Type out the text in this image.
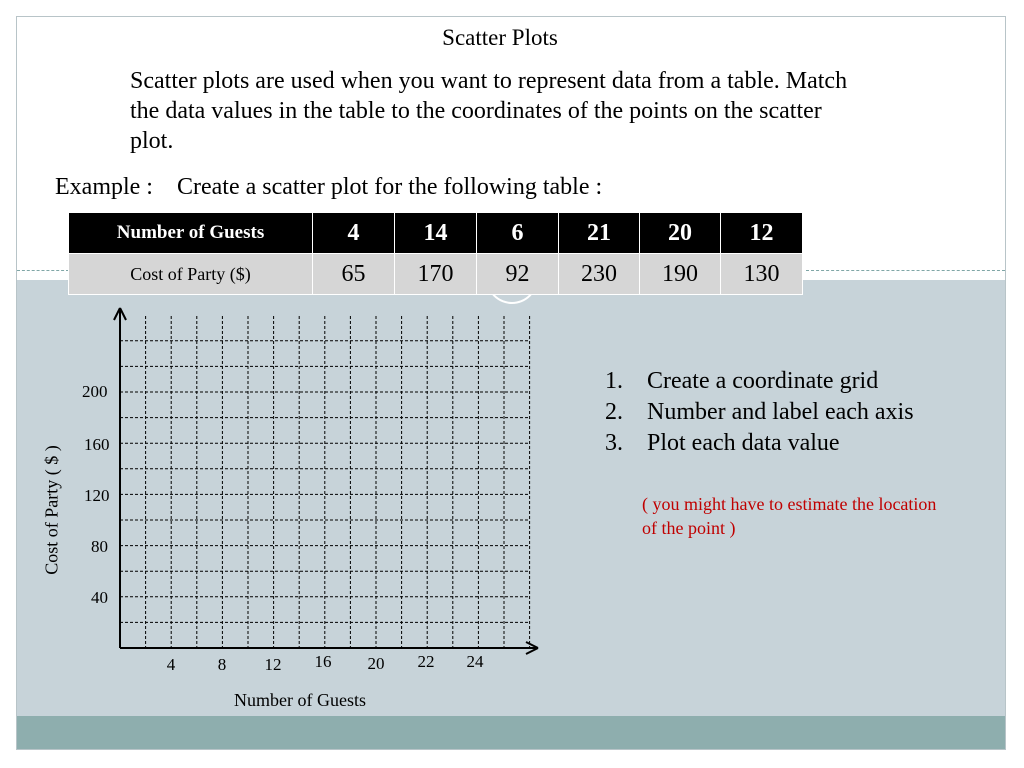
Scatter Plots
Scatter plots are used when you want to represent data from a table. Match the data values in the table to the coordinates of the points on the scatter plot.
Example :    Create a scatter plot for the following table :
Number of Guests	4	14	6	21	20	12
Cost of Party ($)	65	170	92	230	190	130
Cost of Party ( $ )
Number of Guests
200
160
120
80
40
4	8 12 16 20 22 24
1. Create a coordinate grid
2. Number and label each axis
3. Plot each data value
( you might have to estimate the location of the point )
